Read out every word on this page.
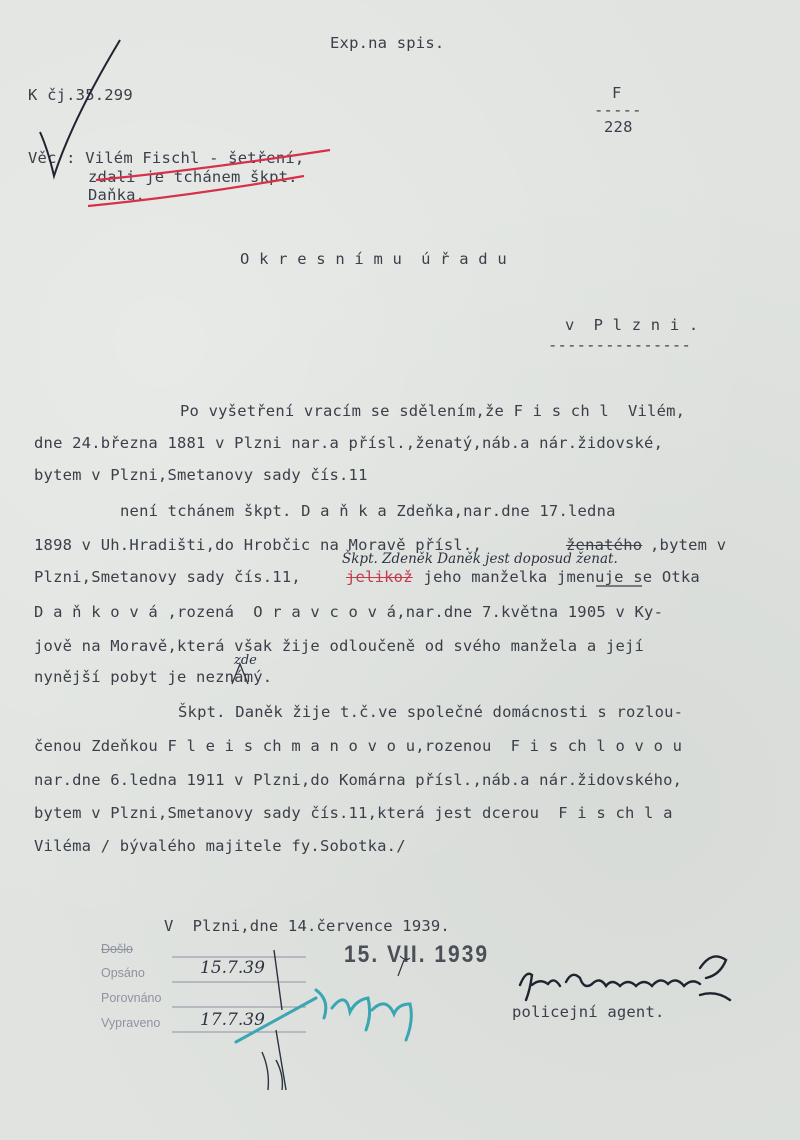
Exp.na spis.
K čj.35.299	F
-----
228
Věc : Vilém Fischl - šetření,
zdali je tchánem škpt.
Daňka.
O k r e s n í m u  ú ř a d u
v  P l z n i .
---------------
Po vyšetření vracím se sdělením,že F i s ch l  Vilém,
dne 24.března 1881 v Plzni nar.a přísl.,ženatý,náb.a nár.židovské,
bytem v Plzni,Smetanovy sady čís.11
není tchánem škpt. D a ň k a Zdeňka,nar.dne 17.ledna
1898 v Uh.Hradišti,do Hrobčic na Moravě přísl.,	ženatého ,bytem v
Škpt. Zdeněk Daněk jest doposud ženat.
Plzni,Smetanovy sady čís.11,	jelikož jeho manželka jmenuje se Otka
D a ň k o v á ,rozená  O r a v c o v á,nar.dne 7.května 1905 v Ky-
jově na Moravě,která však žije odloučeně od svého manžela a její
zde
nynější pobyt je neznámý.
Škpt. Daněk žije t.č.ve společné domácnosti s rozlou-
čenou Zdeňkou F l e i s ch m a n o v o u,rozenou  F i s ch l o v o u
nar.dne 6.ledna 1911 v Plzni,do Komárna přísl.,náb.a nár.židovského,
bytem v Plzni,Smetanovy sady čís.11,která jest dcerou  F i s ch l a
Viléma / bývalého majitele fy.Sobotka./
V  Plzni,dne 14.července 1939.
policejní agent.
Došlo
Opsáno
Porovnáno
Vypraveno
15. VII. 1939
15.7.39
17.7.39
